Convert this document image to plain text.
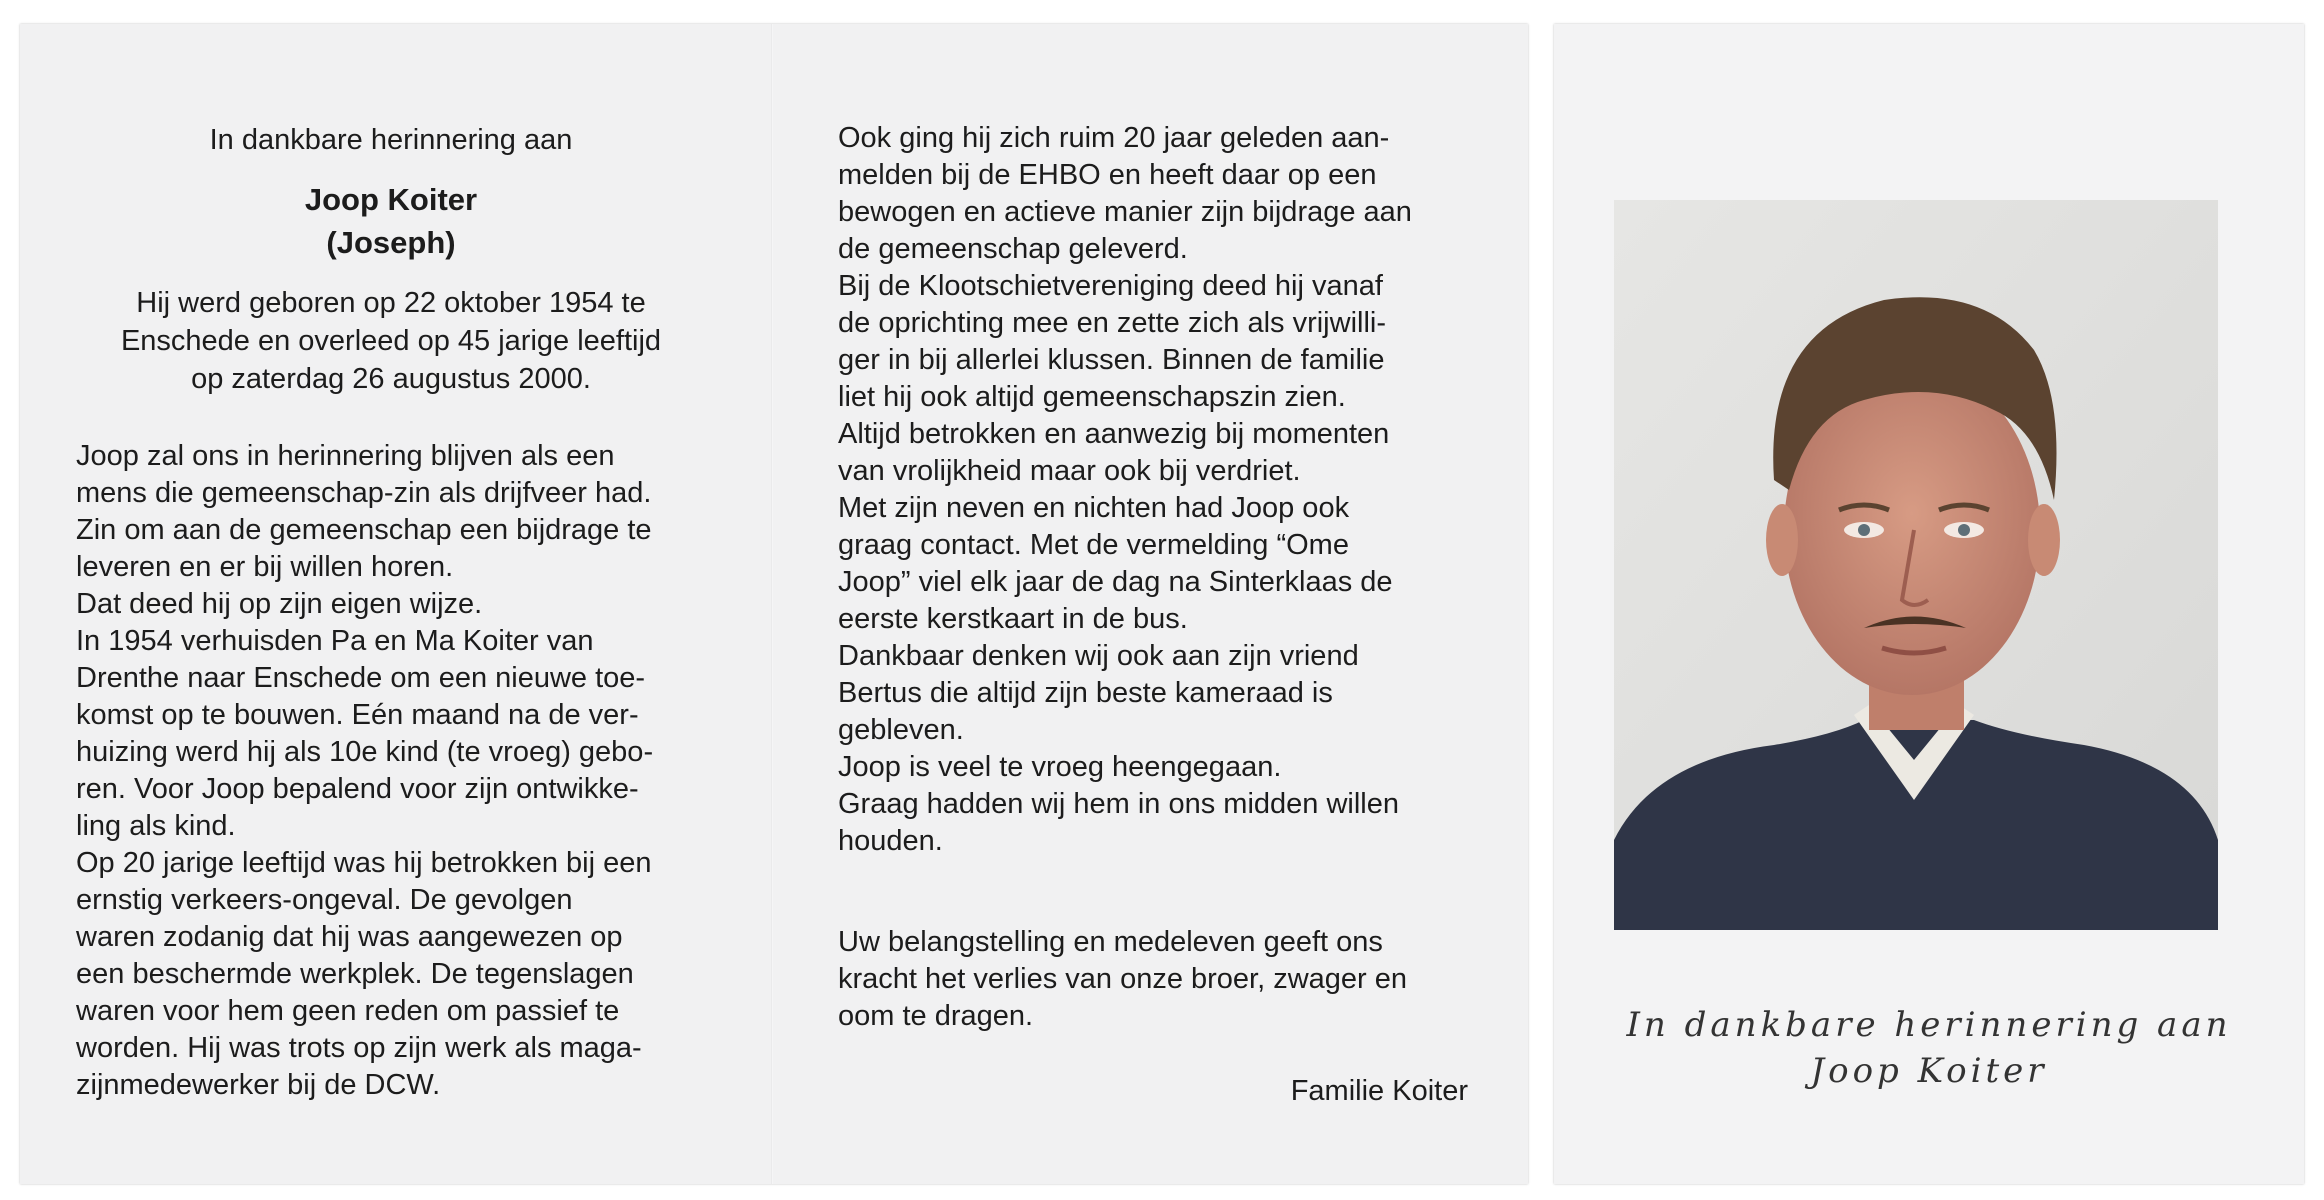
In dankbare herinnering aan
Joop Koiter
(Joseph)
Hij werd geboren op 22 oktober 1954 te
Enschede en overleed op 45 jarige leeftijd
op zaterdag 26 augustus 2000.

Joop zal ons in herinnering blijven als een

mens die gemeenschap-zin als drijfveer had.

Zin om aan de gemeenschap een bijdrage te

leveren en er bij willen horen.

Dat deed hij op zijn eigen wijze.

In 1954 verhuisden Pa en Ma Koiter van

Drenthe naar Enschede om een nieuwe toe-

komst op te bouwen. Eén maand na de ver-

huizing werd hij als 10e kind (te vroeg) gebo-

ren. Voor Joop bepalend voor zijn ontwikke-

ling als kind.

Op 20 jarige leeftijd was hij betrokken bij een

ernstig verkeers-ongeval. De gevolgen

waren zodanig dat hij was aangewezen op

een beschermde werkplek. De tegenslagen

waren voor hem geen reden om passief te

worden. Hij was trots op zijn werk als maga-

zijnmedewerker bij de DCW.

Ook ging hij zich ruim 20 jaar geleden aan-

melden bij de EHBO en heeft daar op een

bewogen en actieve manier zijn bijdrage aan

de gemeenschap geleverd.

Bij de Klootschietvereniging deed hij vanaf

de oprichting mee en zette zich als vrijwilli-

ger in bij allerlei klussen. Binnen de familie

liet hij ook altijd gemeenschapszin zien.

Altijd betrokken en aanwezig bij momenten

van vrolijkheid maar ook bij verdriet.

Met zijn neven en nichten had Joop ook

graag contact. Met de vermelding “Ome

Joop” viel elk jaar de dag na Sinterklaas de

eerste kerstkaart in de bus.

Dankbaar denken wij ook aan zijn vriend

Bertus die altijd zijn beste kameraad is

gebleven.

Joop is veel te vroeg heengegaan.

Graag hadden wij hem in ons midden willen

houden.

Uw belangstelling en medeleven geeft ons

kracht het verlies van onze broer, zwager en

oom te dragen.

Familie Koiter
In dankbare herinnering aan
Joop Koiter
